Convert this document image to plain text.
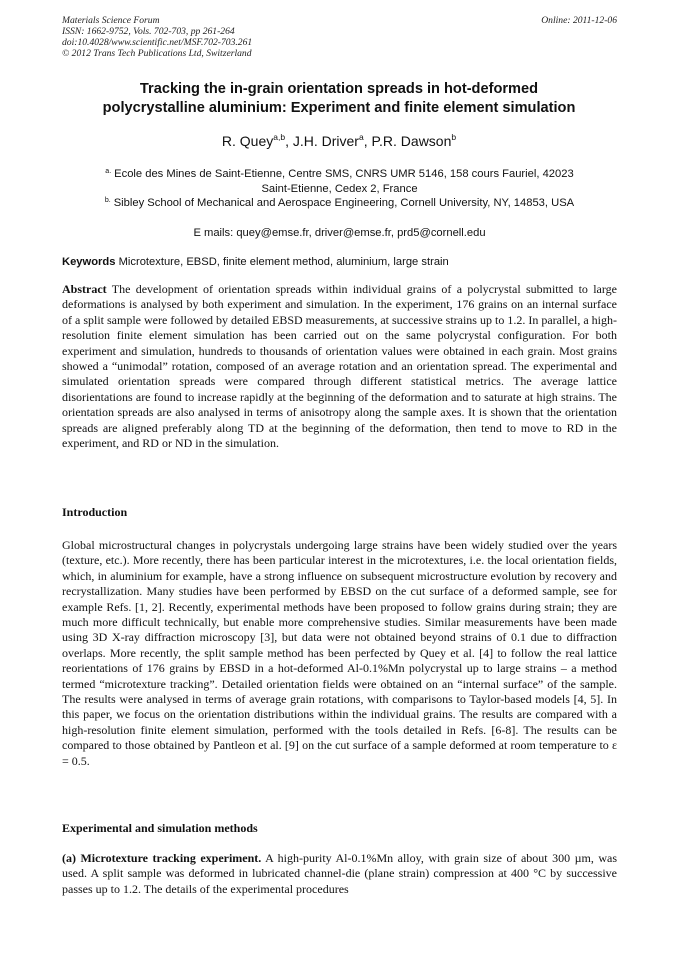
Materials Science Forum
ISSN: 1662-9752, Vols. 702-703, pp 261-264
doi:10.4028/www.scientific.net/MSF.702-703.261
© 2012 Trans Tech Publications Ltd, Switzerland
Online: 2011-12-06
Tracking the in-grain orientation spreads in hot-deformed
polycrystalline aluminium: Experiment and finite element simulation
R. Quey$^{a,b}$, J.H. Driver$^a$, P.R. Dawson$^b$
$^{a.}$ Ecole des Mines de Saint-Etienne, Centre SMS, CNRS UMR 5146, 158 cours Fauriel, 42023
Saint-Etienne, Cedex 2, France
$^{b.}$ Sibley School of Mechanical and Aerospace Engineering, Cornell University, NY, 14853, USA
E mails: quey@emse.fr, driver@emse.fr, prd5@cornell.edu
Keywords Microtexture, EBSD, finite element method, aluminium, large strain
Abstract The development of orientation spreads within individual grains of a polycrystal submitted to large deformations is analysed by both experiment and simulation. In the experiment, 176 grains on an internal surface of a split sample were followed by detailed EBSD measurements, at successive strains up to 1.2. In parallel, a high-resolution finite element simulation has been carried out on the same polycrystal configuration. For both experiment and simulation, hundreds to thousands of orientation values were obtained in each grain. Most grains showed a “unimodal” rotation, composed of an average rotation and an orientation spread. The experimental and simulated orientation spreads were compared through different statistical metrics. The average lattice disorientations are found to increase rapidly at the beginning of the deformation and to saturate at high strains. The orientation spreads are also analysed in terms of anisotropy along the sample axes. It is shown that the orientation spreads are aligned preferably along TD at the beginning of the deformation, then tend to move to RD in the experiment, and RD or ND in the simulation.
Introduction
Global microstructural changes in polycrystals undergoing large strains have been widely studied over the years (texture, etc.). More recently, there has been particular interest in the microtextures, i.e. the local orientation fields, which, in aluminium for example, have a strong influence on subsequent microstructure evolution by recovery and recrystallization. Many studies have been performed by EBSD on the cut surface of a deformed sample, see for example Refs. [1, 2]. Recently, experimental methods have been proposed to follow grains during strain; they are much more difficult technically, but enable more comprehensive studies. Similar measurements have been made using 3D X-ray diffraction microscopy [3], but data were not obtained beyond strains of 0.1 due to diffraction overlaps. More recently, the split sample method has been perfected by Quey et al. [4] to follow the real lattice reorientations of 176 grains by EBSD in a hot-deformed Al-0.1%Mn polycrystal up to large strains – a method termed “microtexture tracking”. Detailed orientation fields were obtained on an “internal surface” of the sample. The results were analysed in terms of average grain rotations, with comparisons to Taylor-based models [4, 5]. In this paper, we focus on the orientation distributions within the individual grains. The results are compared with a high-resolution finite element simulation, performed with the tools detailed in Refs. [6-8]. The results can be compared to those obtained by Pantleon et al. [9] on the cut surface of a sample deformed at room temperature to ε = 0.5.
Experimental and simulation methods
(a) Microtexture tracking experiment. A high-purity Al-0.1%Mn alloy, with grain size of about 300 µm, was used. A split sample was deformed in lubricated channel-die (plane strain) compression at 400 °C by successive passes up to 1.2. The details of the experimental procedures
